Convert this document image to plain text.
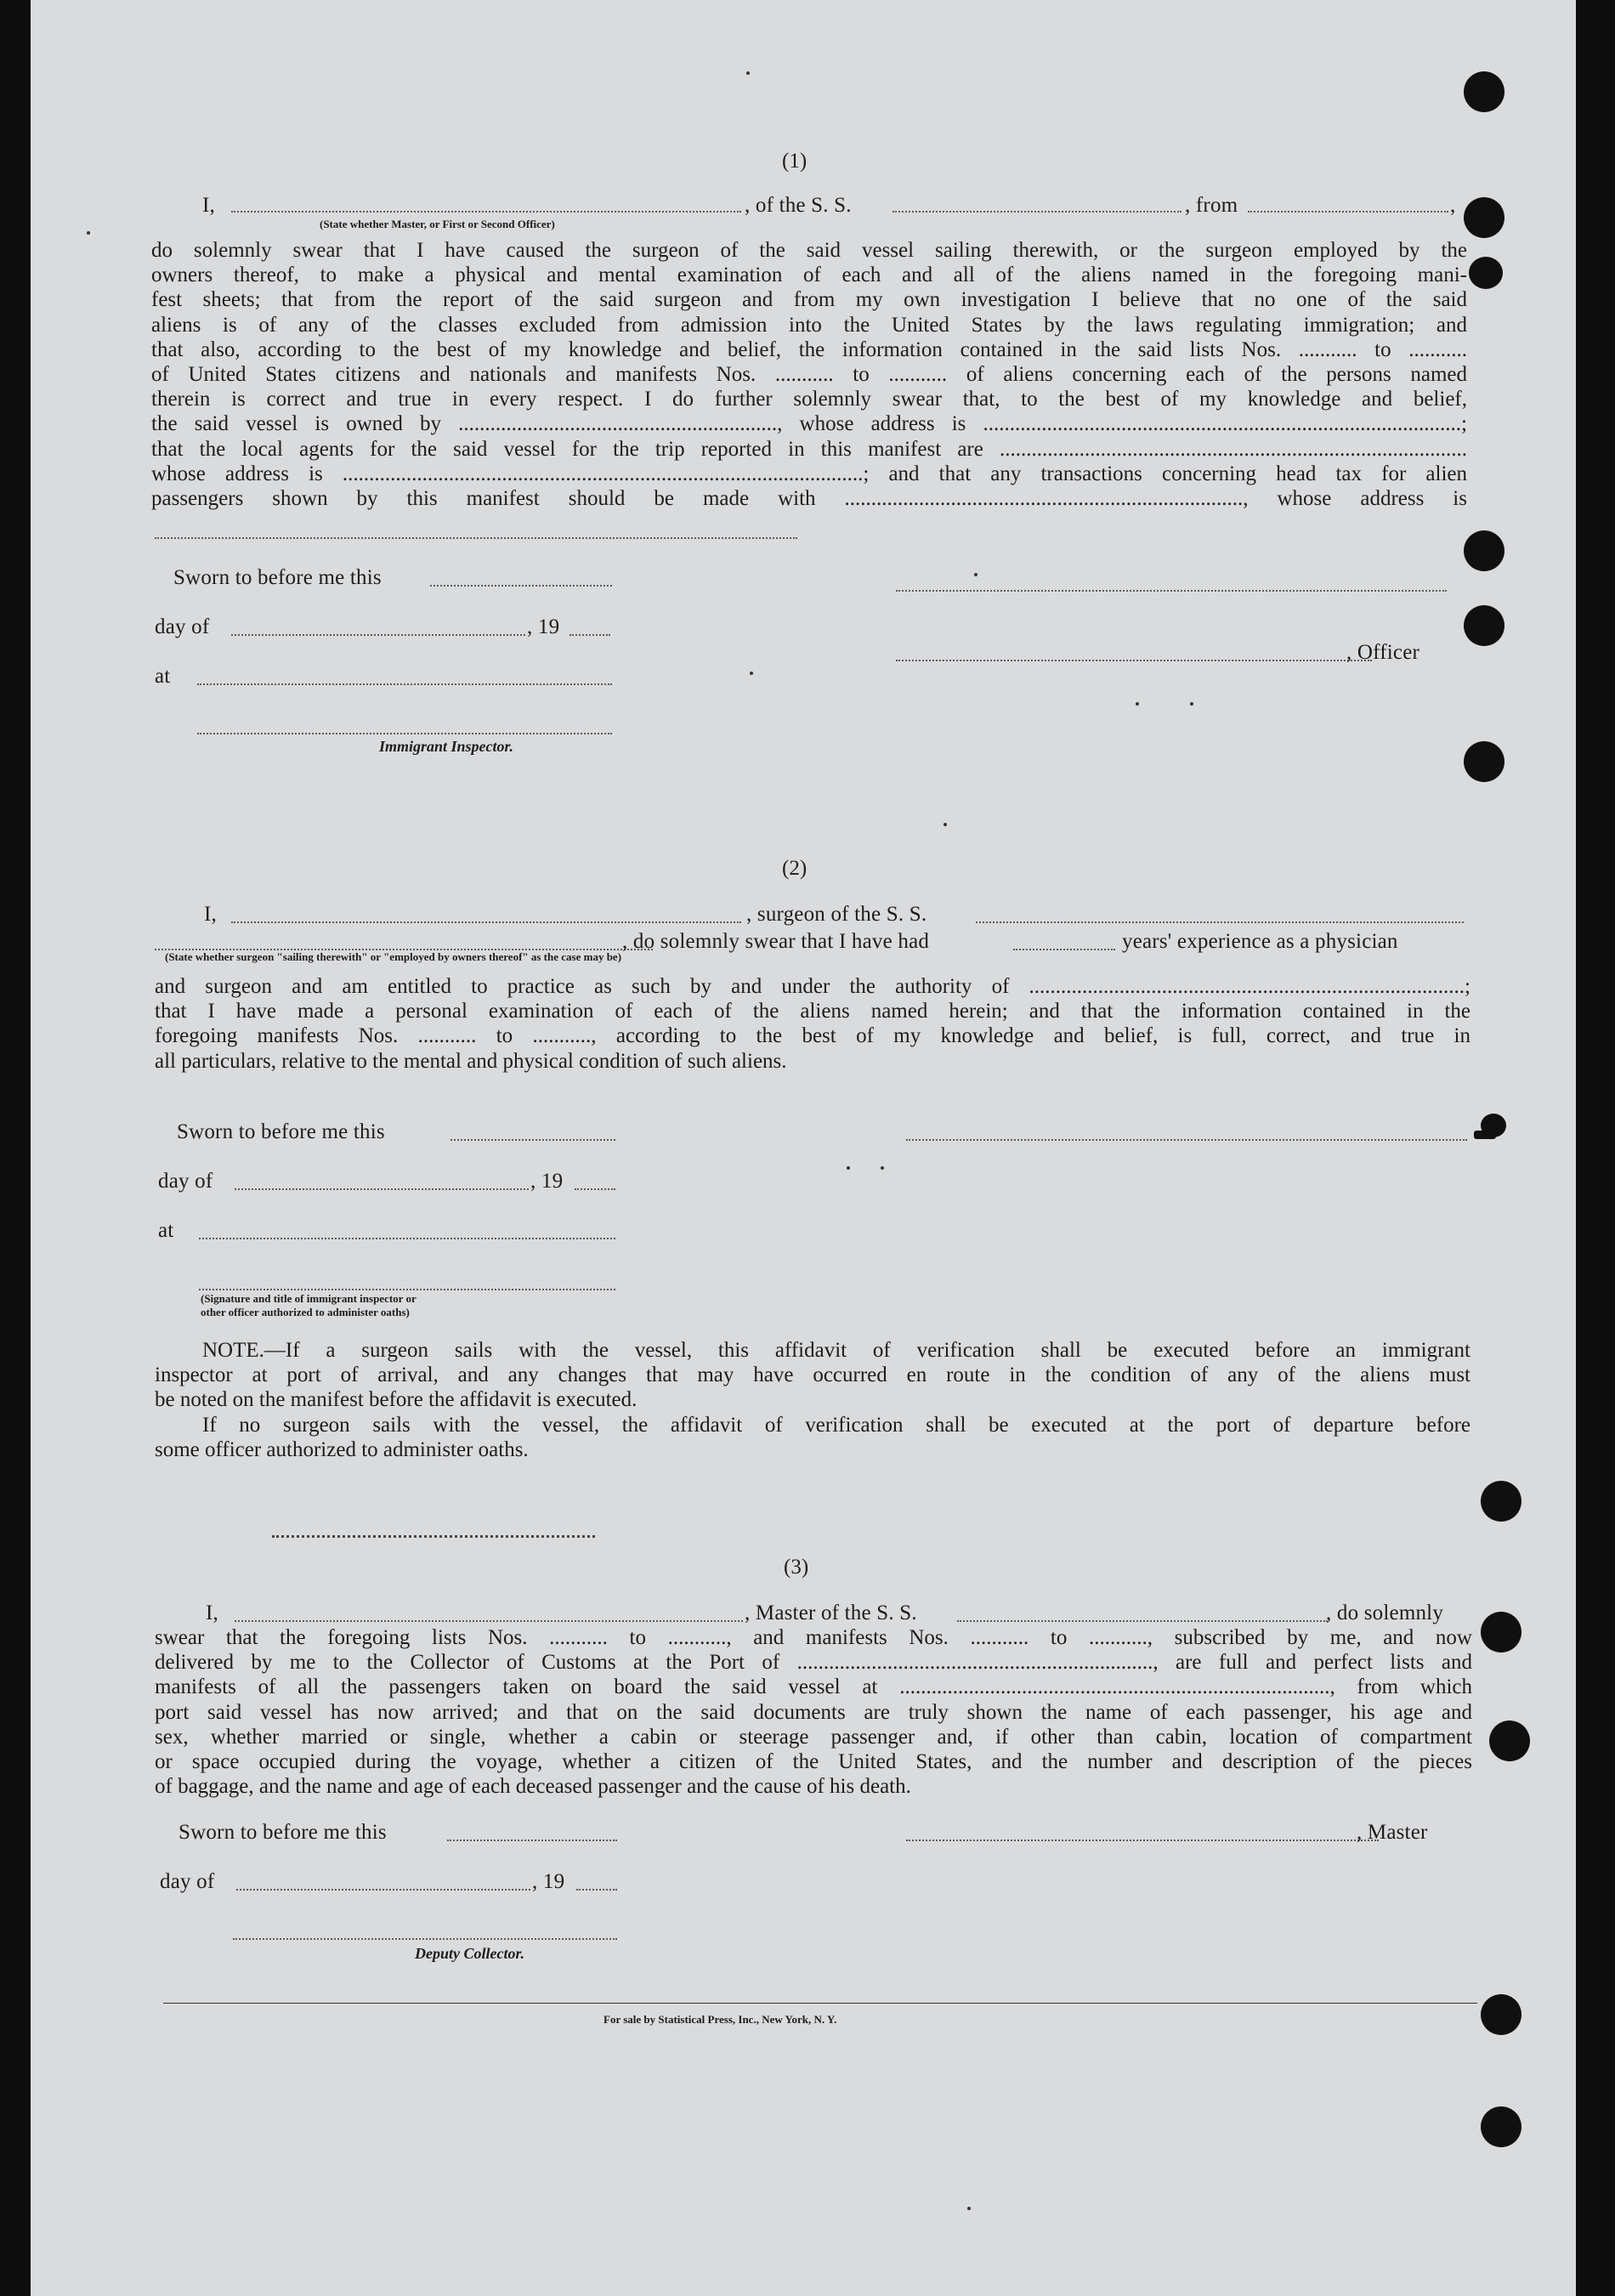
(1)
I,	, of the S. S.	, from	,
(State whether Master, or First or Second Officer)
do solemnly swear that I have caused the surgeon of the said vessel sailing therewith, or the surgeon employed by the
owners thereof, to make a physical and mental examination of each and all of the aliens named in the foregoing mani-
fest sheets; that from the report of the said surgeon and from my own investigation I believe that no one of the said
aliens is of any of the classes excluded from admission into the United States by the laws regulating immigration; and
that also, according to the best of my knowledge and belief, the information contained in the said lists Nos. ........... to ...........
of United States citizens and nationals and manifests Nos. ........... to ........... of aliens concerning each of the persons named
therein is correct and true in every respect. I do further solemnly swear that, to the best of my knowledge and belief,
the said vessel is owned by ............................................................, whose address is ..........................................................................................;
that the local agents for the said vessel for the trip reported in this manifest are ........................................................................................
whose address is ..................................................................................................; and that any transactions concerning head tax for alien
passengers shown by this manifest should be made with ..........................................................................., whose address is
Sworn to before me this
day of	, 19
, Officer
at
Immigrant Inspector.
(2)
I,	, surgeon of the S. S.
, do solemnly swear that I have had	years' experience as a physician
(State whether surgeon "sailing therewith" or "employed by owners thereof" as the case may be)
and surgeon and am entitled to practice as such by and under the authority of ..................................................................................;
that I have made a personal examination of each of the aliens named herein; and that the information contained in the
foregoing manifests Nos. ........... to ..........., according to the best of my knowledge and belief, is full, correct, and true in
all particulars, relative to the mental and physical condition of such aliens.
Sworn to before me this
day of	, 19
at
(Signature and title of immigrant inspector or
other officer authorized to administer oaths)
NOTE.—If a surgeon sails with the vessel, this affidavit of verification shall be executed before an immigrant
inspector at port of arrival, and any changes that may have occurred en route in the condition of any of the aliens must
be noted on the manifest before the affidavit is executed.
If no surgeon sails with the vessel, the affidavit of verification shall be executed at the port of departure before
some officer authorized to administer oaths.
(3)
I,	, Master of the S. S.	, do solemnly
swear that the foregoing lists Nos. ........... to ..........., and manifests Nos. ........... to ..........., subscribed by me, and now
delivered by me to the Collector of Customs at the Port of ..................................................................., are full and perfect lists and
manifests of all the passengers taken on board the said vessel at ................................................................................., from which
port said vessel has now arrived; and that on the said documents are truly shown the name of each passenger, his age and
sex, whether married or single, whether a cabin or steerage passenger and, if other than cabin, location of compartment
or space occupied during the voyage, whether a citizen of the United States, and the number and description of the pieces
of baggage, and the name and age of each deceased passenger and the cause of his death.
Sworn to before me this	, Master
day of	, 19
Deputy Collector.
For sale by Statistical Press, Inc., New York, N. Y.
